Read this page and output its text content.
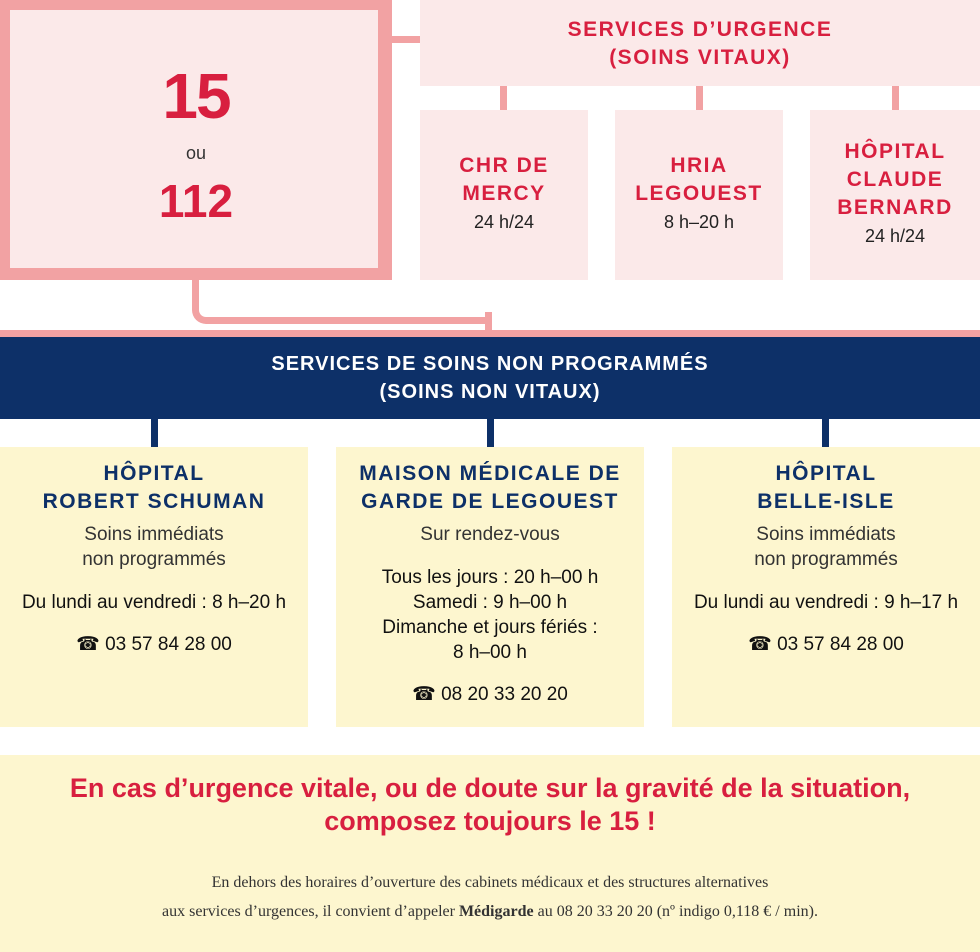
15
ou
112
SERVICES D’URGENCE
(SOINS VITAUX)
CHR DE
MERCY
24 h/24
HRIA
LEGOUEST
8 h–20 h
HÔPITAL
CLAUDE
BERNARD
24 h/24
SERVICES DE SOINS NON PROGRAMMÉS
(SOINS NON VITAUX)
HÔPITAL
ROBERT SCHUMAN
Soins immédiats
non programmés
Du lundi au vendredi : 8 h–20 h
☎ 03 57 84 28 00
MAISON MÉDICALE DE
GARDE DE LEGOUEST
Sur rendez-vous
Tous les jours : 20 h–00 h
Samedi : 9 h–00 h
Dimanche et jours fériés :
8 h–00 h
☎ 08 20 33 20 20
HÔPITAL
BELLE-ISLE
Soins immédiats
non programmés
Du lundi au vendredi : 9 h–17 h
☎ 03 57 84 28 00
En cas d’urgence vitale, ou de doute sur la gravité de la situation,
composez toujours le 15 !
En dehors des horaires d’ouverture des cabinets médicaux et des structures alternatives
aux services d’urgences, il convient d’appeler Médigarde au 08 20 33 20 20 (nº indigo 0,118 € / min).
